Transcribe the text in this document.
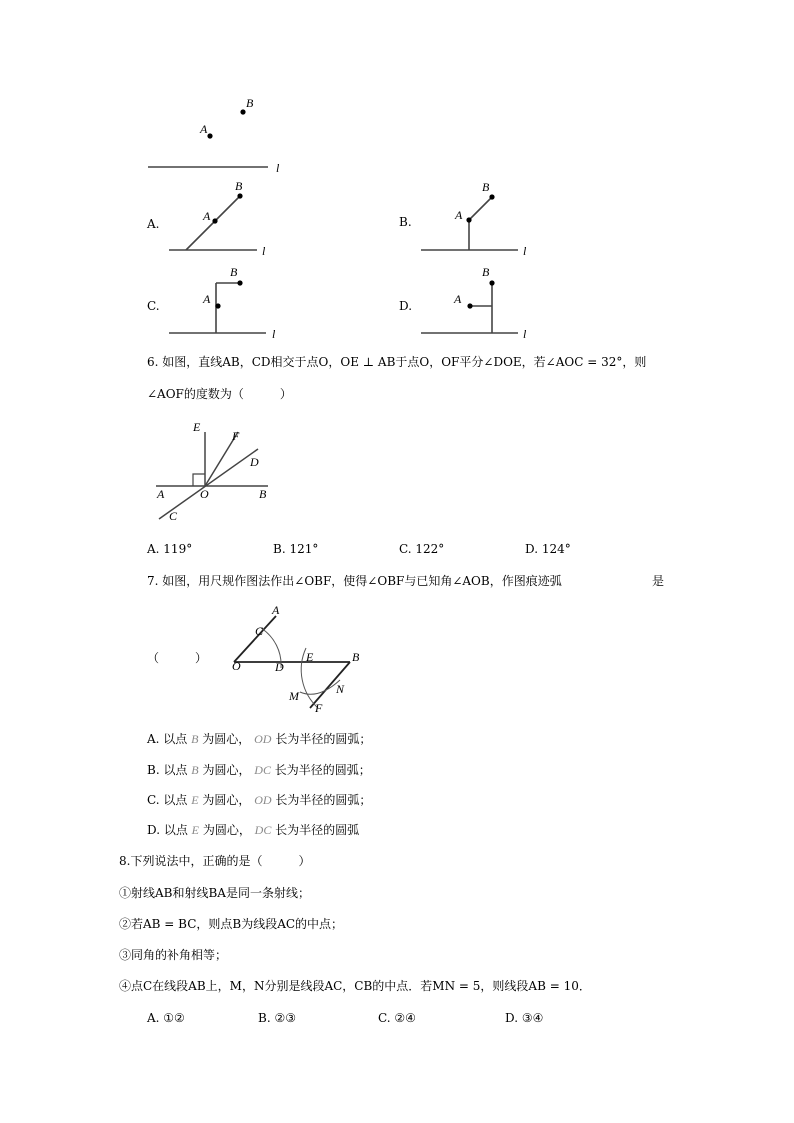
B
A
l
A.
A
B
l
A
B
l
A
B
l
A
B
l
B.
C.	D.
6. 如图，直线AB，CD相交于点O，OE ⊥ AB于点O，OF平分∠DOE，若∠AOC = 32°，则
∠AOF的度数为（　　　）
E
F
D
A	O	B
C
A. 119°	B. 121°	C. 122°	D. 124°
7. 如图，用尺规作图法作出∠OBF，使得∠OBF与已知角∠AOB，作图痕迹弧	是
（　　　）
A
C
O	D
E	B
M	N
F
A. 以点 B 为圆心， OD 长为半径的圆弧；
B. 以点 B 为圆心， DC 长为半径的圆弧；
C. 以点 E 为圆心， OD 长为半径的圆弧；
D. 以点 E 为圆心， DC 长为半径的圆弧
8.下列说法中，正确的是（　　　）
①射线AB和射线BA是同一条射线；
②若AB = BC，则点B为线段AC的中点；
③同角的补角相等；
④点C在线段AB上，M，N分别是线段AC，CB的中点．若MN = 5，则线段AB = 10．
A. ①②	B. ②③	C. ②④	D. ③④
